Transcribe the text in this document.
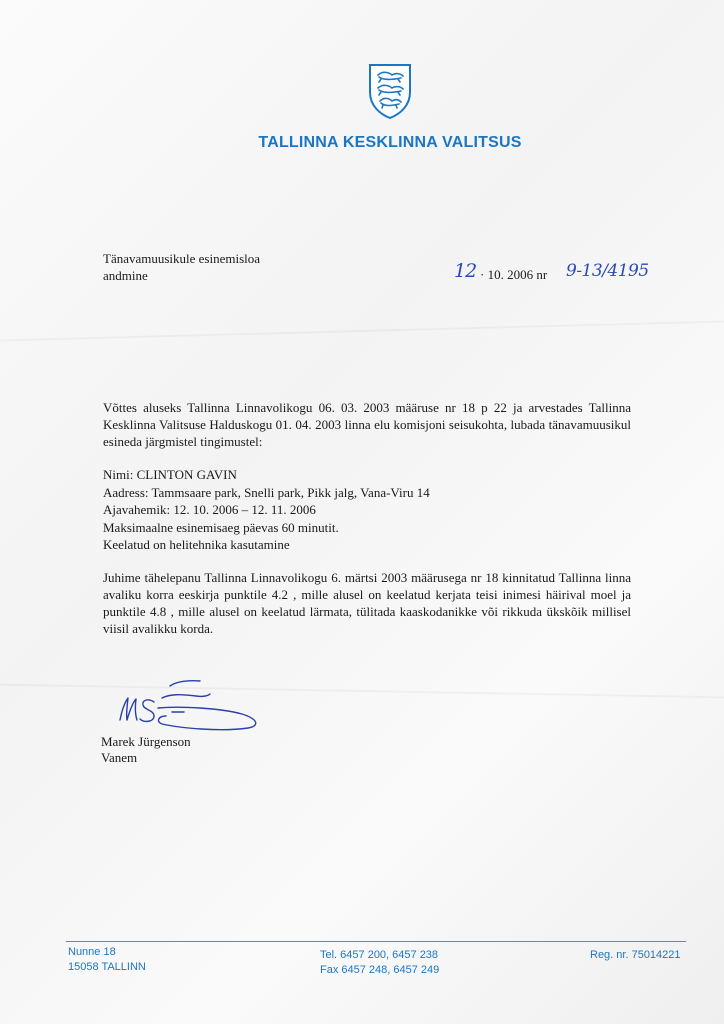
TALLINNA KESKLINNA VALITSUS
Tänavamuusikule esinemisloa
andmine	12 · 10. 2006 nr 9-13/4195

Võttes aluseks Tallinna Linnavolikogu 06. 03. 2003 määruse nr 18 p 22 ja arvestades Tallinna Kesklinna Valitsuse Halduskogu 01. 04. 2003 linna elu komisjoni seisukohta, lubada tänavamuusikul esineda järgmistel tingimustel:

Nimi: CLINTON GAVIN
Aadress: Tammsaare park, Snelli park, Pikk jalg, Vana-Viru 14
Ajavahemik: 12. 10. 2006 – 12. 11. 2006
Maksimaalne esinemisaeg päevas 60 minutit.
Keelatud on helitehnika kasutamine

Juhime tähelepanu Tallinna Linnavolikogu 6. märtsi 2003 määrusega nr 18 kinnitatud Tallinna linna avaliku korra eeskirja punktile 4.2 , mille alusel on keelatud kerjata teisi inimesi häirival moel ja punktile 4.8 , mille alusel on keelatud lärmata, tülitada kaaskodanikke või rikkuda ükskõik millisel viisil avalikku korda.

Marek Jürgenson
Vanem
Nunne 18
15058 TALLINN
Tel. 6457 200, 6457 238
Fax 6457 248, 6457 249
Reg. nr. 75014221
